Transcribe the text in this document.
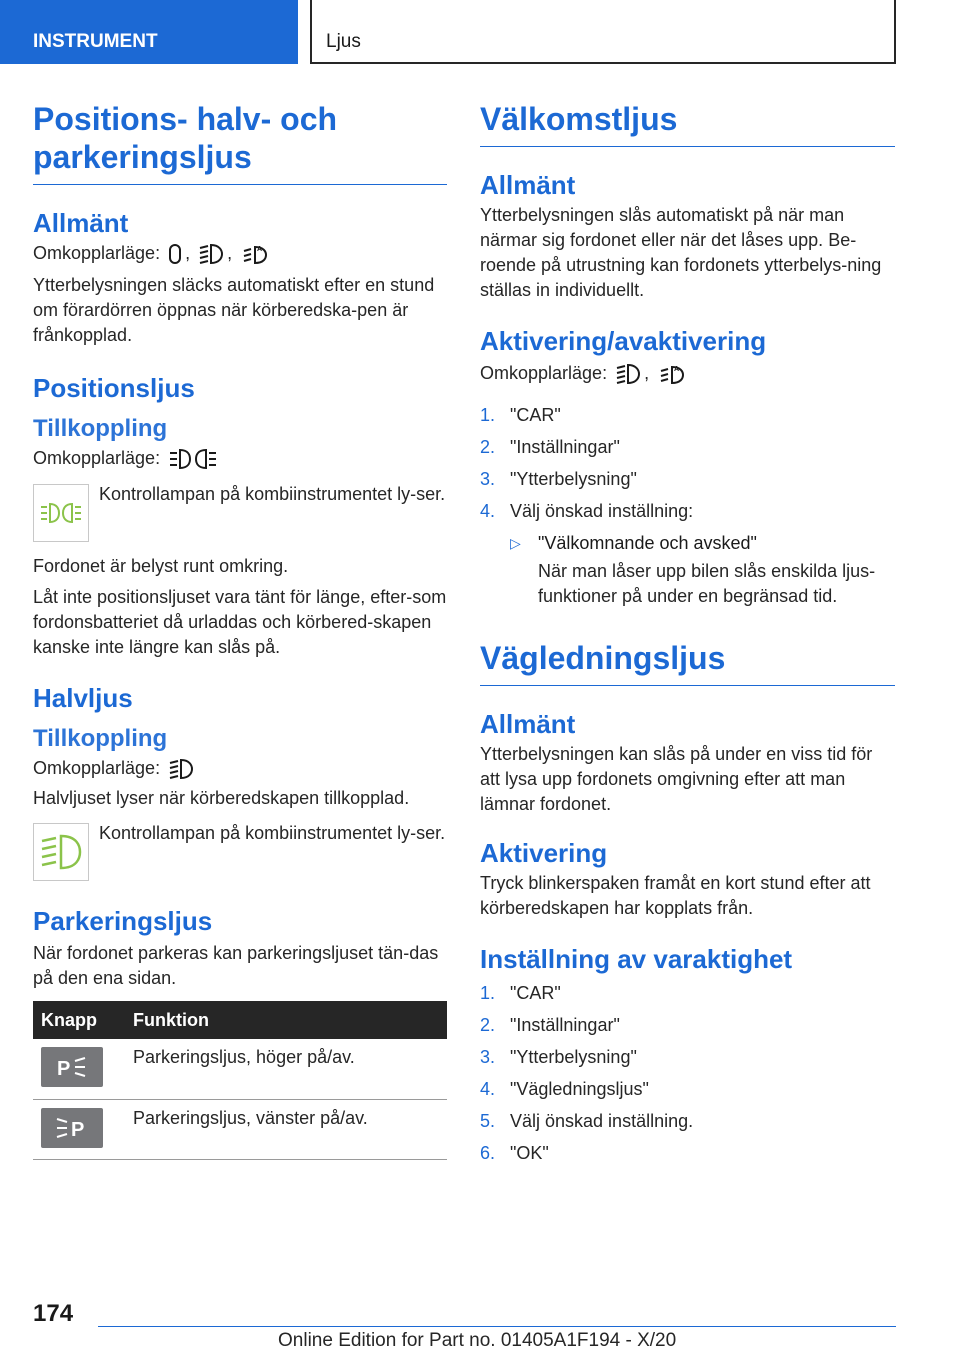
INSTRUMENT	Ljus
Positions- halv- och parkeringsljus
Allmänt
Omkopplarläge: , ,	A
Ytterbelysningen släcks automatiskt efter en stund om förardörren öppnas när körberedska-pen är frånkopplad.
Positionsljus
Tillkoppling
Omkopplarläge:
Kontrollampan på kombiinstrumentet ly-ser.
Fordonet är belyst runt omkring.
Låt inte positionsljuset vara tänt för länge, efter-som fordonsbatteriet då urladdas och körbered-skapen kanske inte längre kan slås på.
Halvljus
Tillkoppling
Omkopplarläge:
Halvljuset lyser när körberedskapen tillkopplad.
Kontrollampan på kombiinstrumentet ly-ser.
Parkeringsljus
När fordonet parkeras kan parkeringsljuset tän-das på den ena sidan.
Knapp	Funktion

P	Parkeringsljus, höger på/av.

P	Parkeringsljus, vänster på/av.
Välkomstljus
Allmänt
Ytterbelysningen slås automatiskt på när man närmar sig fordonet eller när det låses upp. Be-roende på utrustning kan fordonets ytterbelys-ning ställas in individuellt.
Aktivering/avaktivering
Omkopplarläge: ,	A
1. "CAR"
2. "Inställningar"
3. "Ytterbelysning"
4. Välj önskad inställning:
▷ "Välkomnande och avsked"
När man låser upp bilen slås enskilda ljus-funktioner på under en begränsad tid.
Vägledningsljus
Allmänt
Ytterbelysningen kan slås på under en viss tid för att lysa upp fordonets omgivning efter att man lämnar fordonet.
Aktivering
Tryck blinkerspaken framåt en kort stund efter att körberedskapen har kopplats från.
Inställning av varaktighet
1. "CAR"
2. "Inställningar"
3. "Ytterbelysning"
4. "Vägledningsljus"
5. Välj önskad inställning.
6. "OK"
174
Online Edition for Part no. 01405A1F194 - X/20
